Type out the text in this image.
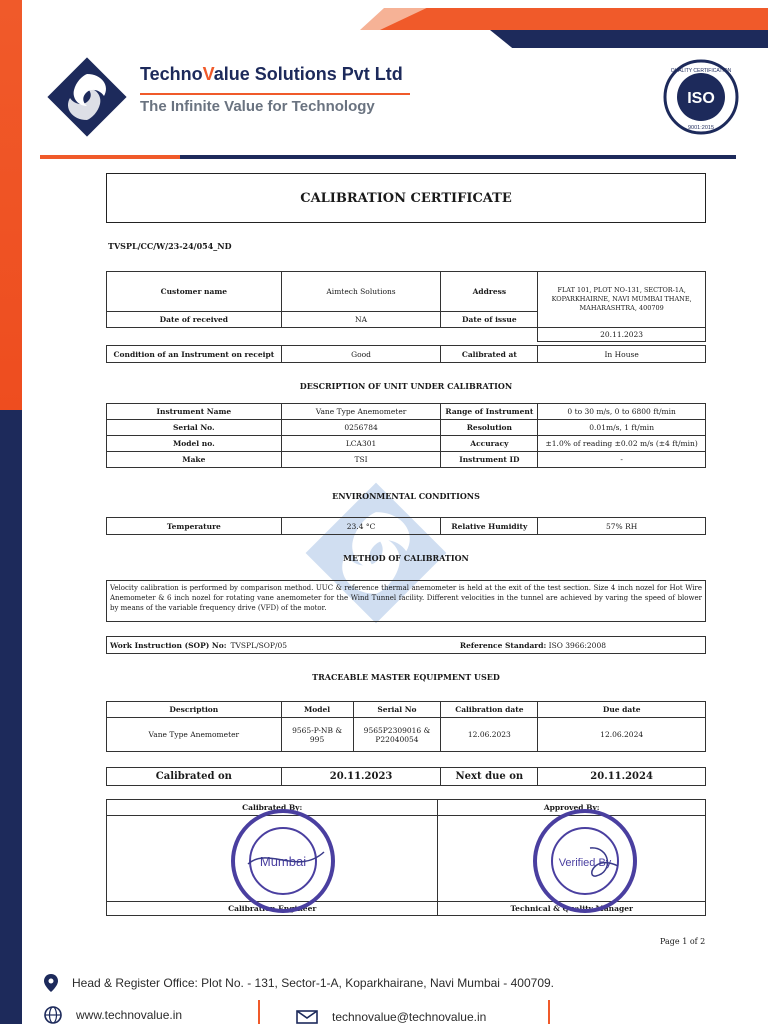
TechnoValue Solutions Pvt Ltd
The Infinite Value for Technology	ISO
QUALITY CERTIFICATION
9001:2015
CALIBRATION CERTIFICATE
TVSPL/CC/W/23-24/054_ND
Customer name	Aimtech Solutions	Address	FLAT 101, PLOT NO-131, SECTOR-1A, KOPARKHAIRNE, NAVI MUMBAI THANE, MAHARASHTRA, 400709
Date of received	NA	Date of issue	
			20.11.2023
Condition of an Instrument on receipt	Good	Calibrated at	In House
DESCRIPTION OF UNIT UNDER CALIBRATION
Instrument Name	Vane Type Anemometer	Range of Instrument	0 to 30 m/s, 0 to 6800 ft/min
Serial No.	0256784	Resolution	0.01m/s, 1 ft/min
Model no.	LCA301	Accuracy	±1.0% of reading ±0.02 m/s (±4 ft/min)
Make	TSI	Instrument ID	-
ENVIRONMENTAL CONDITIONS
Temperature	23.4 °C	Relative Humidity	57% RH
METHOD OF CALIBRATION
Velocity calibration is performed by comparison method. UUC & reference thermal anemometer is held at the exit of the test section. Size 4 inch nozel for Hot Wire Anemometer & 6 inch nozel for rotating vane anemometer for the Wind Tunnel facility. Different velocities in the tunnel are achieved by varing the speed of blower by means of the variable frequency drive (VFD) of the motor.
Work Instruction (SOP) No: TVSPL/SOP/05	Reference Standard: ISO 3966:2008
TRACEABLE MASTER EQUIPMENT USED
Description	Model	Serial No	Calibration date	Due date
Vane Type Anemometer	9565-P-NB & 995	9565P2309016 & P22040054	12.06.2023	12.06.2024
Calibrated on	20.11.2023	Next due on	20.11.2024
Calibrated By:	Approved By:

Calibration Engineer	Technical & Quality Manager
Mumbai	Verified By
Page 1 of 2
Head & Register Office: Plot No. - 131, Sector-1-A, Koparkhairane, Navi Mumbai - 400709.
www.technovalue.in	technovalue@technovalue.in
